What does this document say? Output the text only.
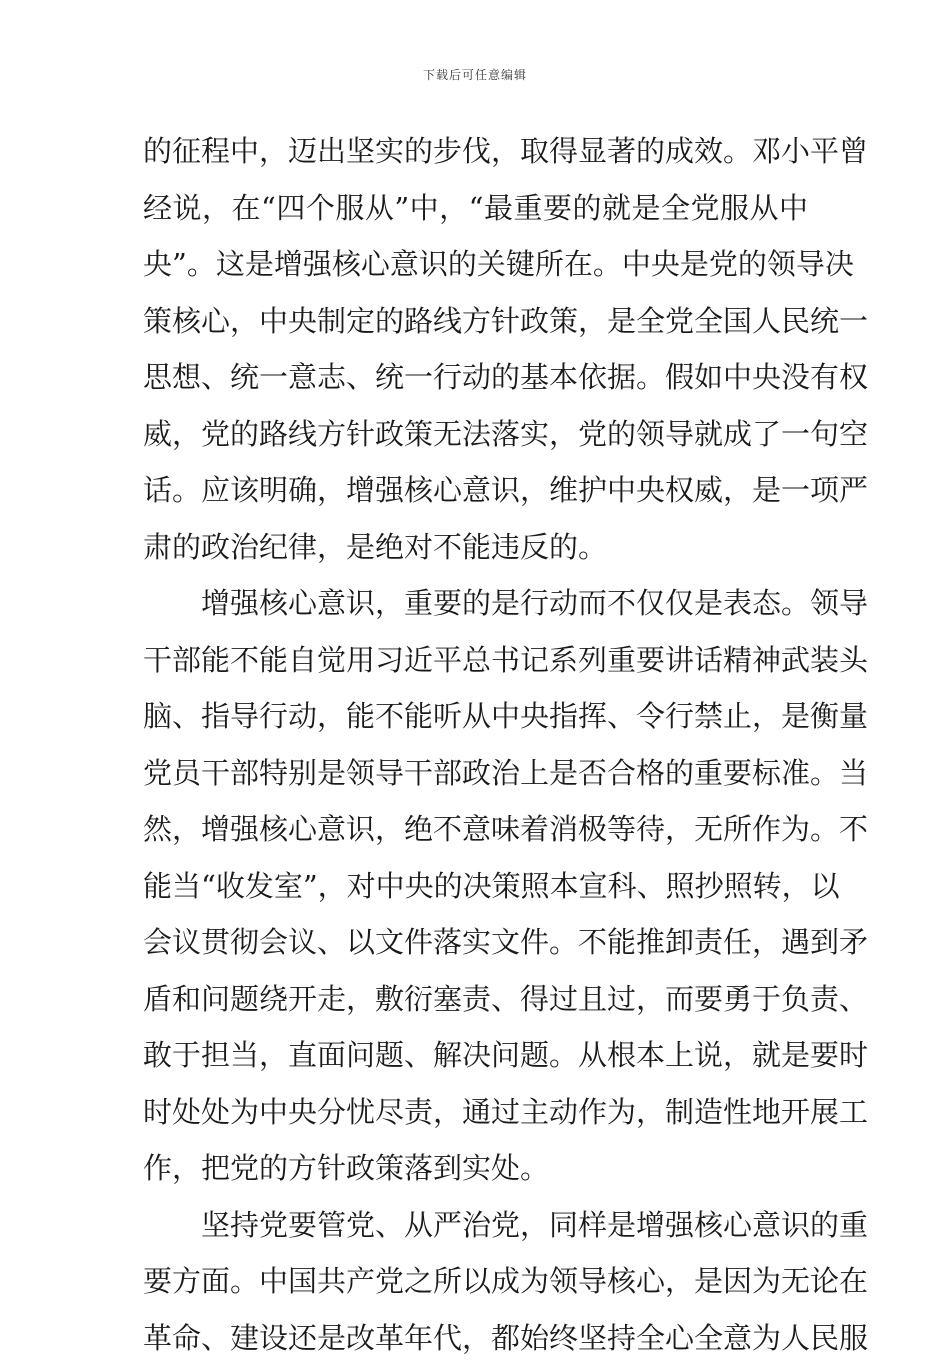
下载后可任意编辑
的征程中，迈出坚实的步伐，取得显著的成效。邓小平曾
经说，在“四个服从”中，“最重要的就是全党服从中
央”。这是增强核心意识的关键所在。中央是党的领导决
策核心，中央制定的路线方针政策，是全党全国人民统一
思想、统一意志、统一行动的基本依据。假如中央没有权
威，党的路线方针政策无法落实，党的领导就成了一句空
话。应该明确，增强核心意识，维护中央权威，是一项严
肃的政治纪律，是绝对不能违反的。
增强核心意识，重要的是行动而不仅仅是表态。领导
干部能不能自觉用习近平总书记系列重要讲话精神武装头
脑、指导行动，能不能听从中央指挥、令行禁止，是衡量
党员干部特别是领导干部政治上是否合格的重要标准。当
然，增强核心意识，绝不意味着消极等待，无所作为。不
能当“收发室”，对中央的决策照本宣科、照抄照转，以
会议贯彻会议、以文件落实文件。不能推卸责任，遇到矛
盾和问题绕开走，敷衍塞责、得过且过，而要勇于负责、
敢于担当，直面问题、解决问题。从根本上说，就是要时
时处处为中央分忧尽责，通过主动作为，制造性地开展工
作，把党的方针政策落到实处。
坚持党要管党、从严治党，同样是增强核心意识的重
要方面。中国共产党之所以成为领导核心，是因为无论在
革命、建设还是改革年代，都始终坚持全心全意为人民服
